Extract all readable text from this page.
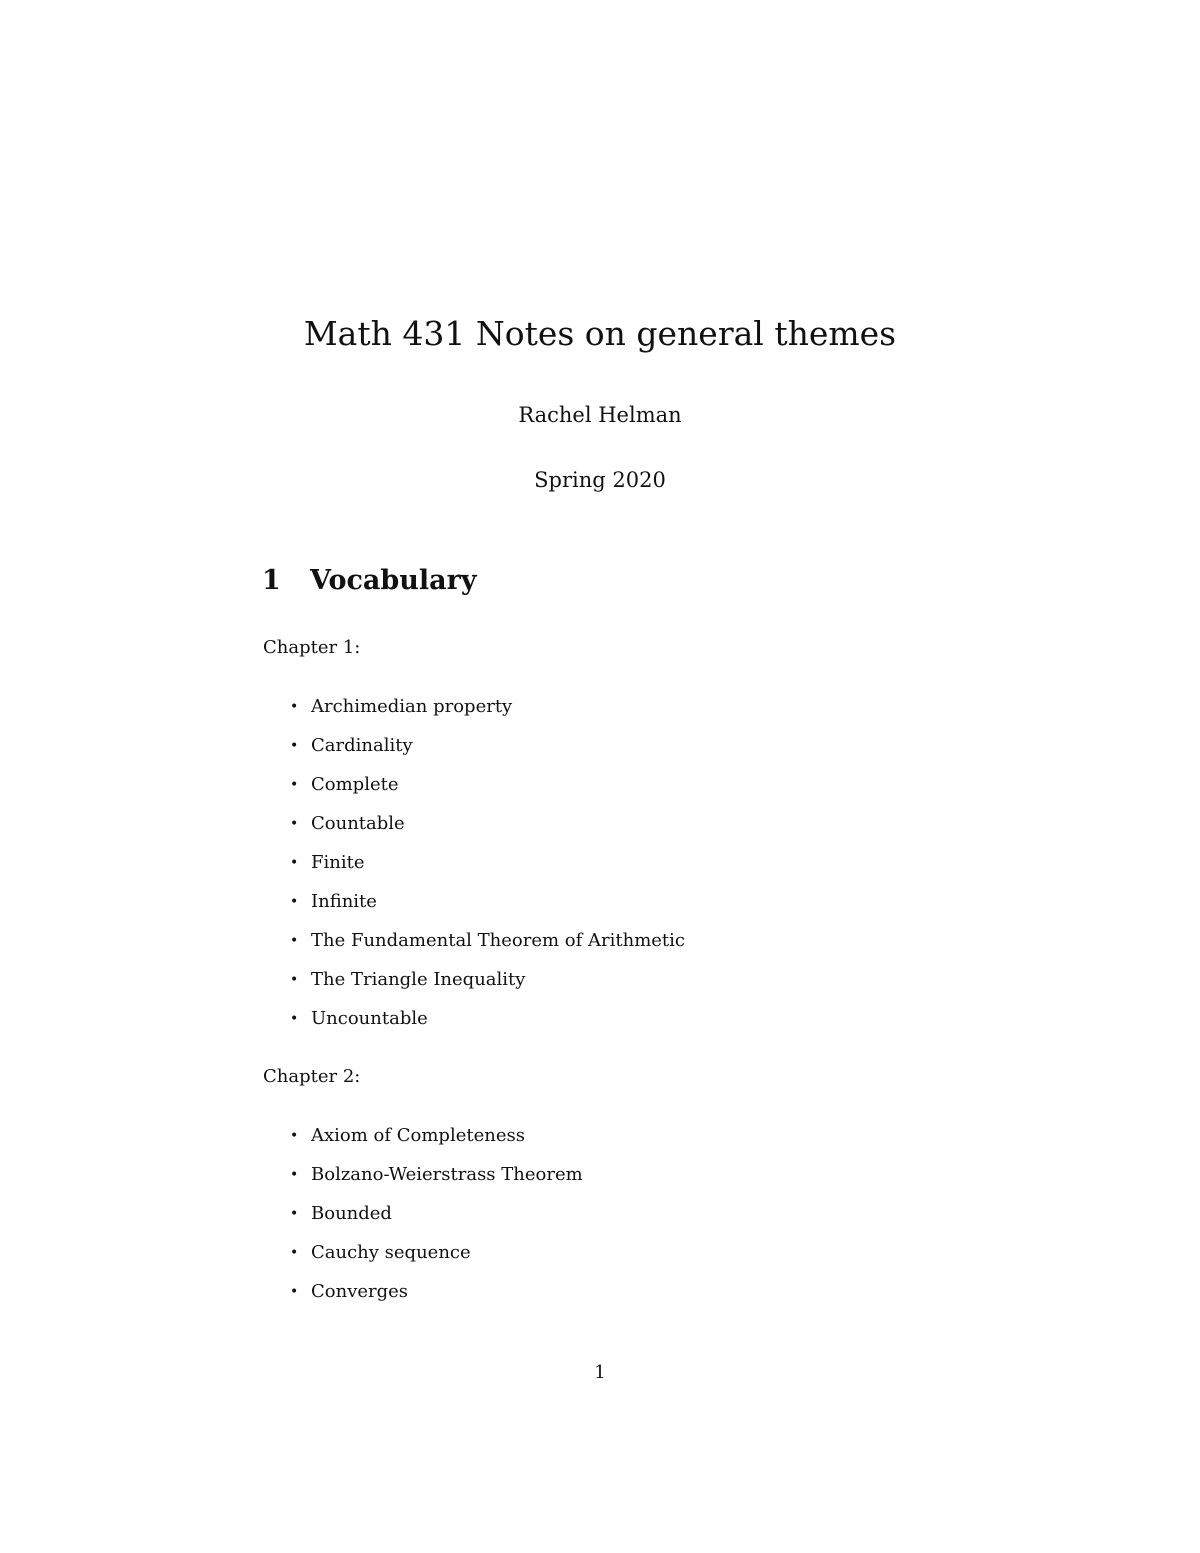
Math 431 Notes on general themes
Rachel Helman
Spring 2020
1 Vocabulary
Chapter 1:
• Archimedian property
• Cardinality
• Complete
• Countable
• Finite
• Infinite
• The Fundamental Theorem of Arithmetic
• The Triangle Inequality
• Uncountable
Chapter 2:
• Axiom of Completeness
• Bolzano-Weierstrass Theorem
• Bounded
• Cauchy sequence
• Converges
1
